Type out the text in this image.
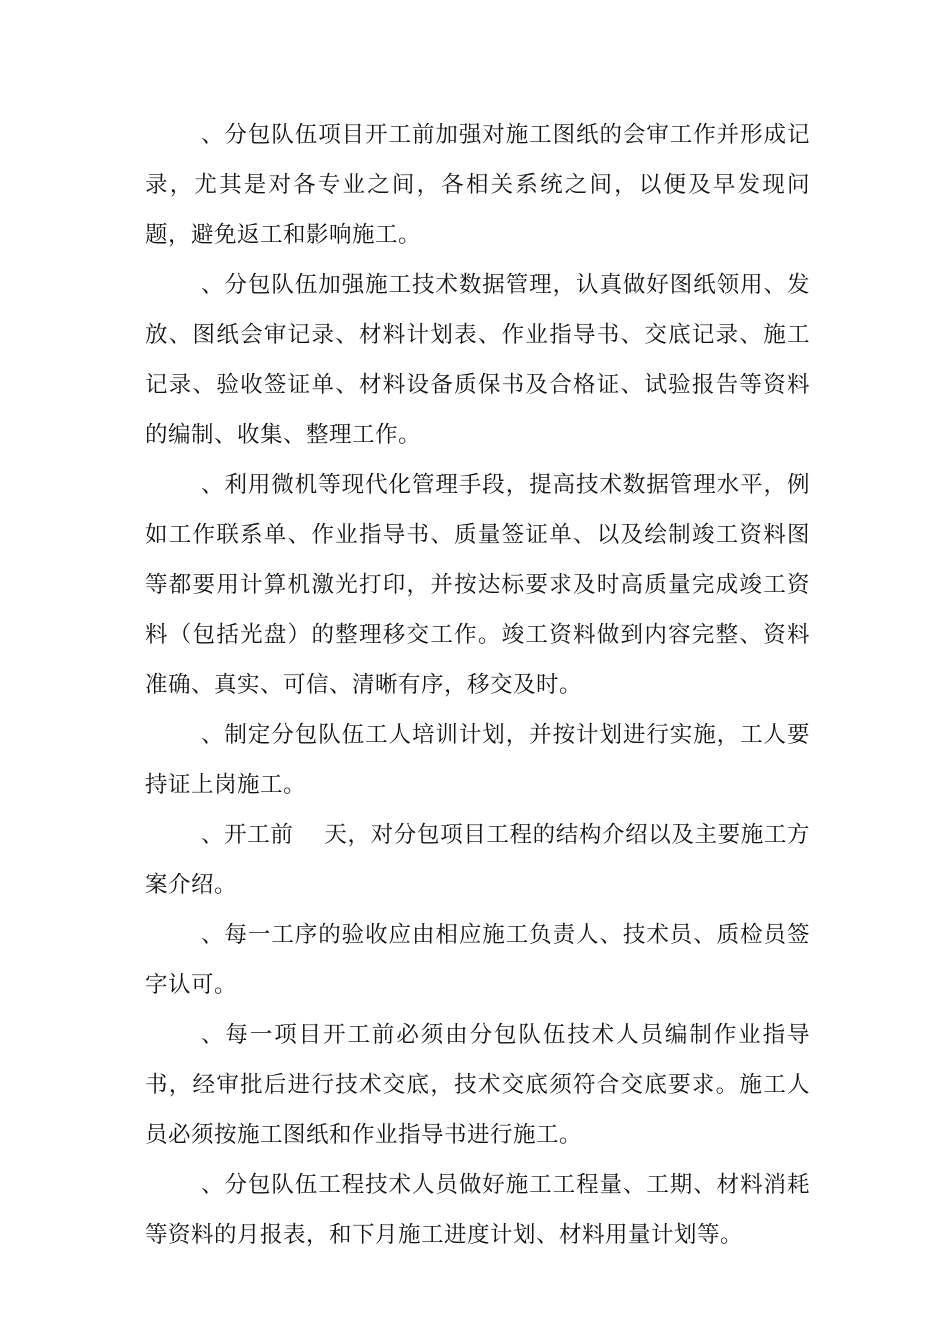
、分包队伍项目开工前加强对施工图纸的会审工作并形成记录，尤其是对各专业之间，各相关系统之间，以便及早发现问题，避免返工和影响施工。

、分包队伍加强施工技术数据管理，认真做好图纸领用、发放、图纸会审记录、材料计划表、作业指导书、交底记录、施工记录、验收签证单、材料设备质保书及合格证、试验报告等资料的编制、收集、整理工作。

、利用微机等现代化管理手段，提高技术数据管理水平，例如工作联系单、作业指导书、质量签证单、以及绘制竣工资料图等都要用计算机激光打印，并按达标要求及时高质量完成竣工资料（包括光盘）的整理移交工作。竣工资料做到内容完整、资料准确、真实、可信、清晰有序，移交及时。

、制定分包队伍工人培训计划，并按计划进行实施，工人要持证上岗施工。

、开工前　 天，对分包项目工程的结构介绍以及主要施工方案介绍。

、每一工序的验收应由相应施工负责人、技术员、质检员签字认可。

、每一项目开工前必须由分包队伍技术人员编制作业指导书，经审批后进行技术交底，技术交底须符合交底要求。施工人员必须按施工图纸和作业指导书进行施工。

、分包队伍工程技术人员做好施工工程量、工期、材料消耗等资料的月报表，和下月施工进度计划、材料用量计划等。
